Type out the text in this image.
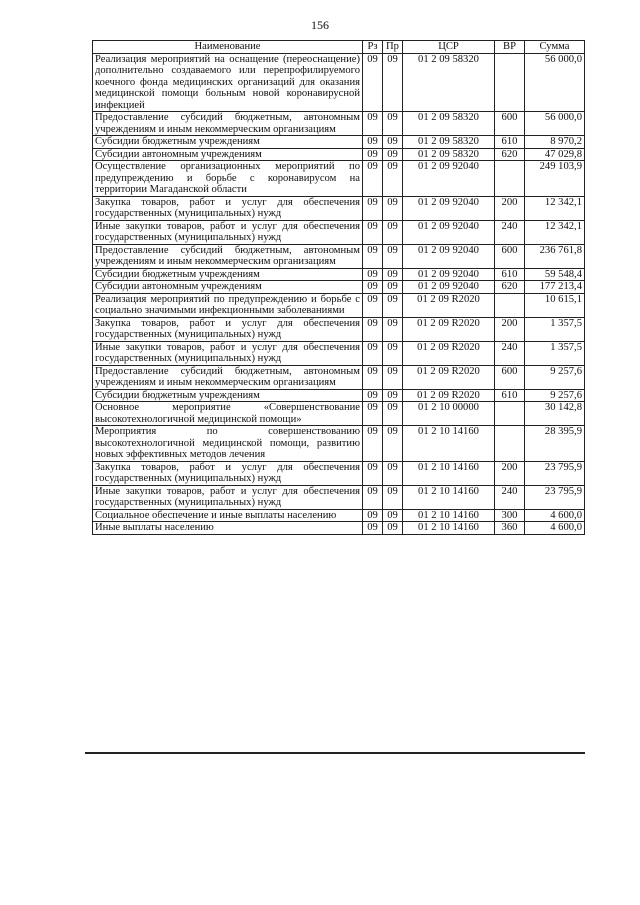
156
Наименование	Рз	Пр	ЦСР	ВР	Сумма
Реализация мероприятий на оснащение (переоснащение) дополнительно создаваемого или перепрофилируемого коечного фонда медицинских организаций для оказания медицинской помощи больным новой коронавирусной инфекцией	09	09	01 2 09 58320		56 000,0
Предоставление субсидий бюджетным, автономным учреждениям и иным некоммерческим организациям	09	09	01 2 09 58320	600	56 000,0
Субсидии бюджетным учреждениям	09	09	01 2 09 58320	610	8 970,2
Субсидии автономным учреждениям	09	09	01 2 09 58320	620	47 029,8
Осуществление организационных мероприятий по предупреждению и борьбе с коронавирусом на территории Магаданской области	09	09	01 2 09 92040		249 103,9
Закупка товаров, работ и услуг для обеспечения государственных (муниципальных) нужд	09	09	01 2 09 92040	200	12 342,1
Иные закупки товаров, работ и услуг для обеспечения государственных (муниципальных) нужд	09	09	01 2 09 92040	240	12 342,1
Предоставление субсидий бюджетным, автономным учреждениям и иным некоммерческим организациям	09	09	01 2 09 92040	600	236 761,8
Субсидии бюджетным учреждениям	09	09	01 2 09 92040	610	59 548,4
Субсидии автономным учреждениям	09	09	01 2 09 92040	620	177 213,4
Реализация мероприятий по предупреждению и борьбе с социально значимыми инфекционными заболеваниями	09	09	01 2 09 R2020		10 615,1
Закупка товаров, работ и услуг для обеспечения государственных (муниципальных) нужд	09	09	01 2 09 R2020	200	1 357,5
Иные закупки товаров, работ и услуг для обеспечения государственных (муниципальных) нужд	09	09	01 2 09 R2020	240	1 357,5
Предоставление субсидий бюджетным, автономным учреждениям и иным некоммерческим организациям	09	09	01 2 09 R2020	600	9 257,6
Субсидии бюджетным учреждениям	09	09	01 2 09 R2020	610	9 257,6
Основное мероприятие «Совершенствование высокотехнологичной медицинской помощи»	09	09	01 2 10 00000		30 142,8
Мероприятия по совершенствованию высокотехнологичной медицинской помощи, развитию новых эффективных методов лечения	09	09	01 2 10 14160		28 395,9
Закупка товаров, работ и услуг для обеспечения государственных (муниципальных) нужд	09	09	01 2 10 14160	200	23 795,9
Иные закупки товаров, работ и услуг для обеспечения государственных (муниципальных) нужд	09	09	01 2 10 14160	240	23 795,9
Социальное обеспечение и иные выплаты населению	09	09	01 2 10 14160	300	4 600,0
Иные выплаты населению	09	09	01 2 10 14160	360	4 600,0
